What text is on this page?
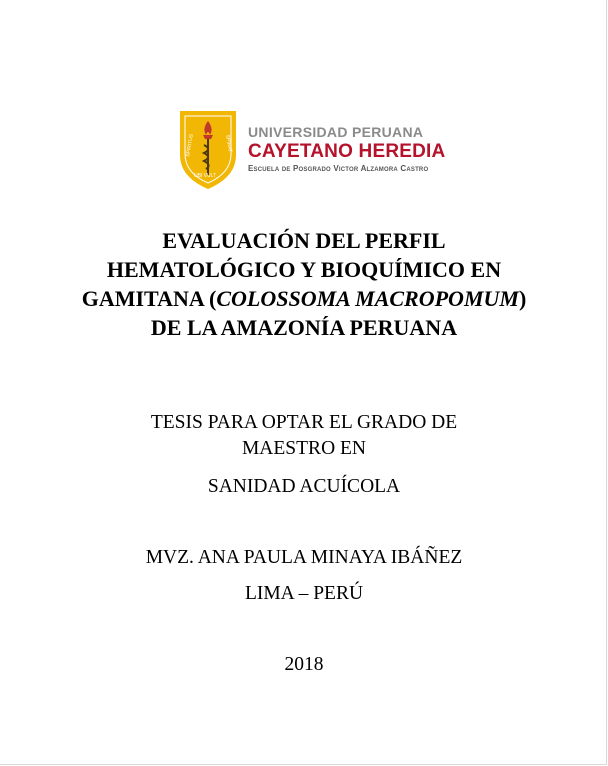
SPIRITUS
UBI VULT
SPIRAT
UNIVERSIDAD PERUANA
CAYETANO HEREDIA
Escuela de Posgrado Victor Alzamora Castro
EVALUACIÓN DEL PERFIL HEMATOLÓGICO Y BIOQUÍMICO EN GAMITANA (COLOSSOMA MACROPOMUM) DE LA AMAZONÍA PERUANA
TESIS PARA OPTAR EL GRADO DE
MAESTRO EN
SANIDAD ACUÍCOLA
MVZ. ANA PAULA MINAYA IBÁÑEZ
LIMA – PERÚ
2018
